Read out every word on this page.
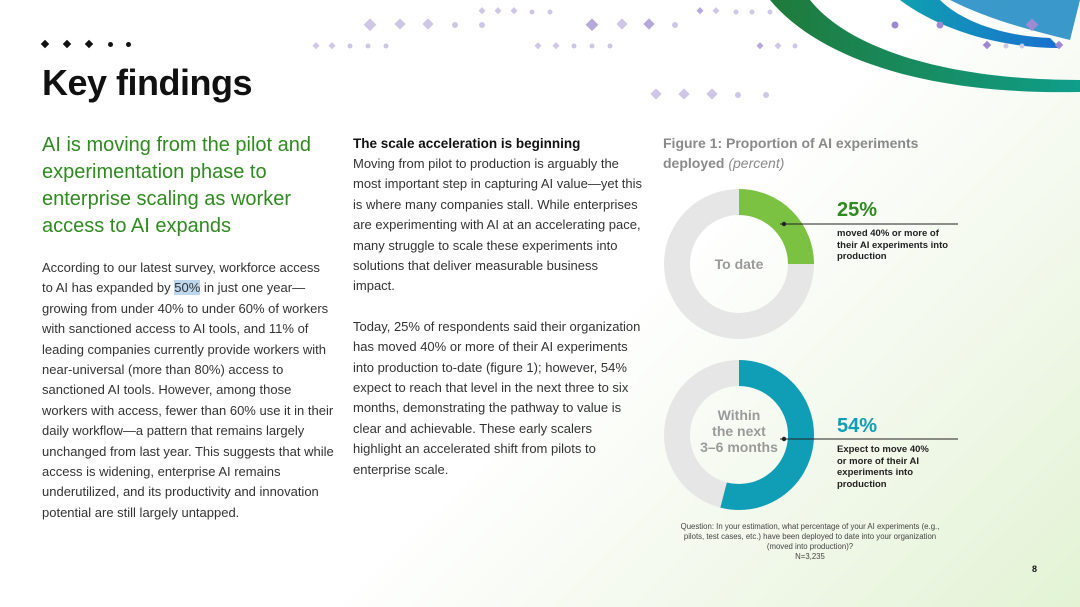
Key findings
AI is moving from the pilot and experimentation phase to enterprise scaling as worker access to AI expands
According to our latest survey, workforce access to AI has expanded by 50% in just one year—growing from under 40% to under 60% of workers with sanctioned access to AI tools, and 11% of leading companies currently provide workers with near-universal (more than 80%) access to sanctioned AI tools. However, among those workers with access, fewer than 60% use it in their daily workflow—a pattern that remains largely unchanged from last year. This suggests that while access is widening, enterprise AI remains underutilized, and its productivity and innovation potential are still largely untapped.
The scale acceleration is beginning

Moving from pilot to production is arguably the most important step in capturing AI value—yet this is where many companies stall. While enterprises are experimenting with AI at an accelerating pace, many struggle to scale these experiments into solutions that deliver measurable business impact.

Today, 25% of respondents said their organization has moved 40% or more of their AI experiments into production to-date (figure 1); however, 54% expect to reach that level in the next three to six months, demonstrating the pathway to value is clear and achievable. These early scalers highlight an accelerated shift from pilots to enterprise scale.

Figure 1: Proportion of AI experiments deployed (percent)
To date
Within
the next
3–6 months
25%
moved 40% or more of their AI experiments into production
54%
Expect to move 40% or more of their AI experiments into production
Question: In your estimation, what percentage of your AI experiments (e.g., pilots, test cases, etc.) have been deployed to date into your organization (moved into production)?
N=3,235
8
